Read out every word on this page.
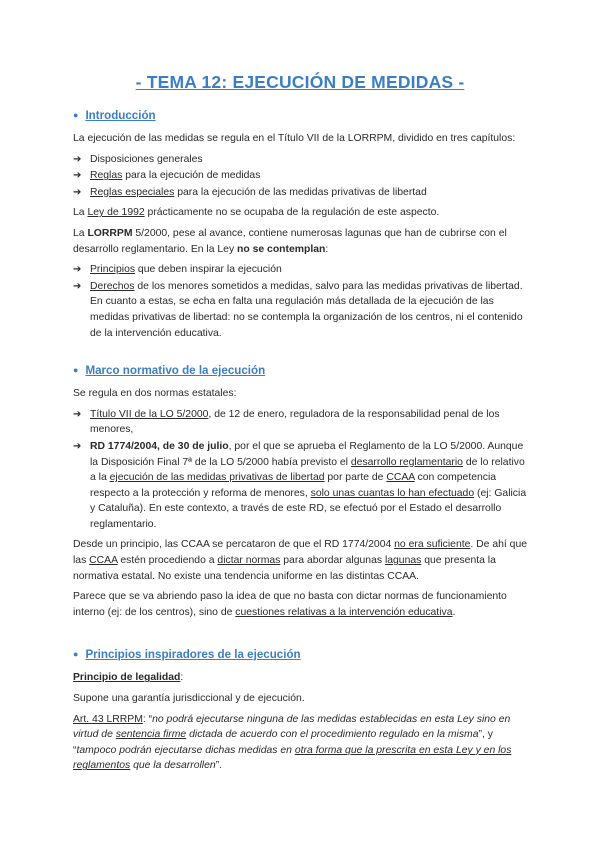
- TEMA 12: EJECUCIÓN DE MEDIDAS -
● Introducción

La ejecución de las medidas se regula en el Título VII de la LORRPM, dividido en tres capítulos:

➔ Disposiciones generales
➔ Reglas para la ejecución de medidas
➔ Reglas especiales para la ejecución de las medidas privativas de libertad

La Ley de 1992 prácticamente no se ocupaba de la regulación de este aspecto.

La LORRPM 5/2000, pese al avance, contiene numerosas lagunas que han de cubrirse con el desarrollo reglamentario. En la Ley no se contemplan:

➔ Principios que deben inspirar la ejecución
➔ Derechos de los menores sometidos a medidas, salvo para las medidas privativas de libertad. En cuanto a estas, se echa en falta una regulación más detallada de la ejecución de las medidas privativas de libertad: no se contempla la organización de los centros, ni el contenido de la intervención educativa.
● Marco normativo de la ejecución

Se regula en dos normas estatales:

➔ Título VII de la LO 5/2000, de 12 de enero, reguladora de la responsabilidad penal de los menores,
➔ RD 1774/2004, de 30 de julio, por el que se aprueba el Reglamento de la LO 5/2000. Aunque la Disposición Final 7ª de la LO 5/2000 había previsto el desarrollo reglamentario de lo relativo a la ejecución de las medidas privativas de libertad por parte de CCAA con competencia respecto a la protección y reforma de menores, solo unas cuantas lo han efectuado (ej: Galicia y Cataluña). En este contexto, a través de este RD, se efectuó por el Estado el desarrollo reglamentario.

Desde un principio, las CCAA se percataron de que el RD 1774/2004 no era suficiente. De ahí que las CCAA estén procediendo a dictar normas para abordar algunas lagunas que presenta la normativa estatal. No existe una tendencia uniforme en las distintas CCAA.

Parece que se va abriendo paso la idea de que no basta con dictar normas de funcionamiento interno (ej: de los centros), sino de cuestiones relativas a la intervención educativa.

● Principios inspiradores de la ejecución

Principio de legalidad:

Supone una garantía jurisdiccional y de ejecución.

Art. 43 LRRPM: “no podrá ejecutarse ninguna de las medidas establecidas en esta Ley sino en virtud de sentencia firme dictada de acuerdo con el procedimiento regulado en la misma”, y “tampoco podrán ejecutarse dichas medidas en otra forma que la prescrita en esta Ley y en los reglamentos que la desarrollen”.
